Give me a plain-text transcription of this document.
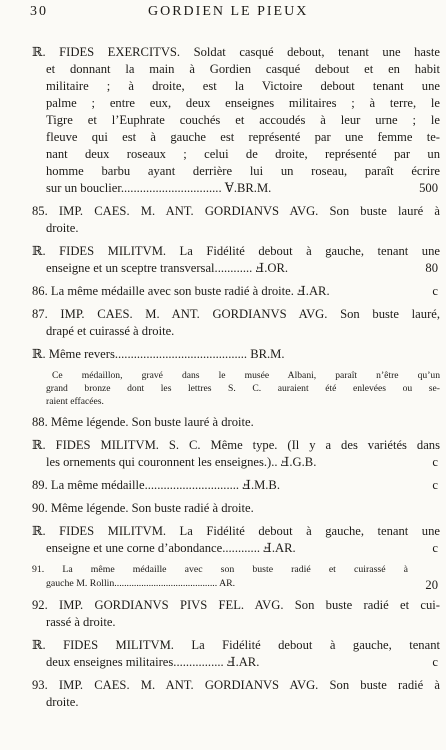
30	GORDIEN LE PIEUX
ℝ. FIDES EXERCITVS. Soldat casqué debout, tenant une haste
et donnant la main à Gordien casqué debout et en habit
militaire ; à droite, est la Victoire debout tenant une
palme ; entre eux, deux enseignes militaires ; à terre, le
Tigre et l’Euphrate couchés et accoudés à leur urne ; le
fleuve qui est à gauche est représenté par une femme te-
nant deux roseaux ; celui de droite, représenté par un
homme barbu ayant derrière lui un roseau, paraît écrire
sur un bouclier................................ Ɐ.BR.M.	500
85. IMP. CAES. M. ANT. GORDIANVS AVG. Son buste lauré à
droite.
ℝ. FIDES MILITVM. La Fidélité debout à gauche, tenant une
enseigne et un sceptre transversal............ Ⅎ.OR.	80
86. La même médaille avec son buste radié à droite. Ⅎ.AR.	c
87. IMP. CAES. M. ANT. GORDIANVS AVG. Son buste lauré,
drapé et cuirassé à droite.
ℝ. Même revers.......................................... BR.M.
Ce médaillon, gravé dans le musée Albani, paraît n’être qu’un
grand bronze dont les lettres S. C. auraient été enlevées ou se-
raient effacées.
88. Même légende. Son buste lauré à droite.
ℝ. FIDES MILITVM. S. C. Même type. (Il y a des variétés dans
les ornements qui couronnent les enseignes.).. Ⅎ.G.B.	c
89. La même médaille.............................. Ⅎ.M.B.	c
90. Même légende. Son buste radié à droite.
ℝ. FIDES MILITVM. La Fidélité debout à gauche, tenant une
enseigne et une corne d’abondance............ Ⅎ.AR.	c
91. La même médaille avec son buste radié et cuirassé à
gauche M. Rollin.......................................... AR.	20
92. IMP. GORDIANVS PIVS FEL. AVG. Son buste radié et cui-
rassé à droite.
ℝ. FIDES MILITVM. La Fidélité debout à gauche, tenant
deux enseignes militaires................ Ⅎ.AR.	c
93. IMP. CAES. M. ANT. GORDIANVS AVG. Son buste radié à
droite.
